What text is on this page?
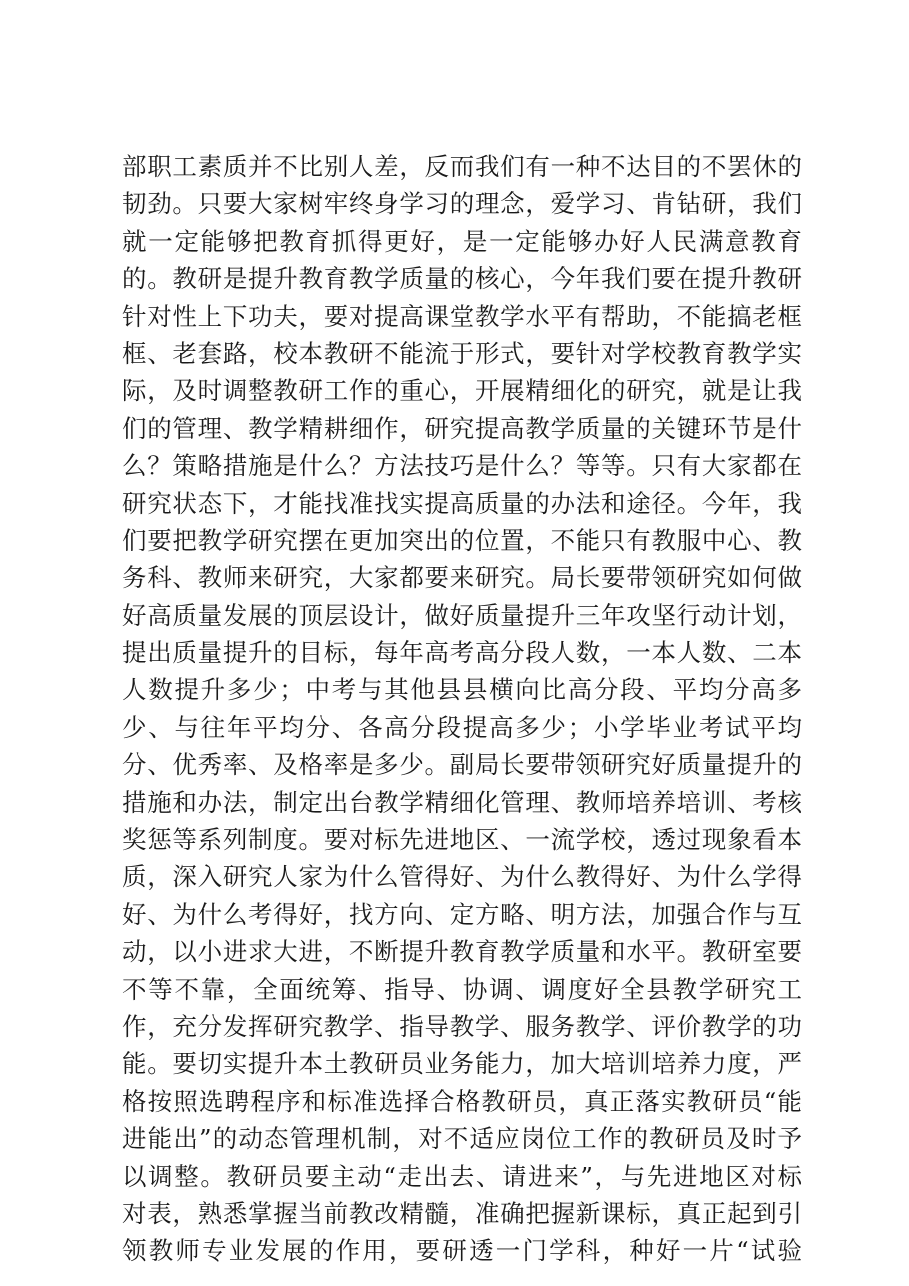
部职工素质并不比别人差，反而我们有一种不达目的不罢休的
韧劲。只要大家树牢终身学习的理念，爱学习、肯钻研，我们
就一定能够把教育抓得更好，是一定能够办好人民满意教育
的。教研是提升教育教学质量的核心，今年我们要在提升教研
针对性上下功夫，要对提高课堂教学水平有帮助，不能搞老框
框、老套路，校本教研不能流于形式，要针对学校教育教学实
际，及时调整教研工作的重心，开展精细化的研究，就是让我
们的管理、教学精耕细作，研究提高教学质量的关键环节是什
么？策略措施是什么？方法技巧是什么？等等。只有大家都在
研究状态下，才能找准找实提高质量的办法和途径。今年，我
们要把教学研究摆在更加突出的位置，不能只有教服中心、教
务科、教师来研究，大家都要来研究。局长要带领研究如何做
好高质量发展的顶层设计，做好质量提升三年攻坚行动计划，
提出质量提升的目标，每年高考高分段人数，一本人数、二本
人数提升多少；中考与其他县县横向比高分段、平均分高多
少、与往年平均分、各高分段提高多少；小学毕业考试平均
分、优秀率、及格率是多少。副局长要带领研究好质量提升的
措施和办法，制定出台教学精细化管理、教师培养培训、考核
奖惩等系列制度。要对标先进地区、一流学校，透过现象看本
质，深入研究人家为什么管得好、为什么教得好、为什么学得
好、为什么考得好，找方向、定方略、明方法，加强合作与互
动，以小进求大进，不断提升教育教学质量和水平。教研室要
不等不靠，全面统筹、指导、协调、调度好全县教学研究工
作，充分发挥研究教学、指导教学、服务教学、评价教学的功
能。要切实提升本土教研员业务能力，加大培训培养力度，严
格按照选聘程序和标准选择合格教研员，真正落实教研员“能
进能出”的动态管理机制，对不适应岗位工作的教研员及时予
以调整。教研员要主动“走出去、请进来”，与先进地区对标
对表，熟悉掌握当前教改精髓，准确把握新课标，真正起到引
领教师专业发展的作用，要研透一门学科，种好一片“试验
